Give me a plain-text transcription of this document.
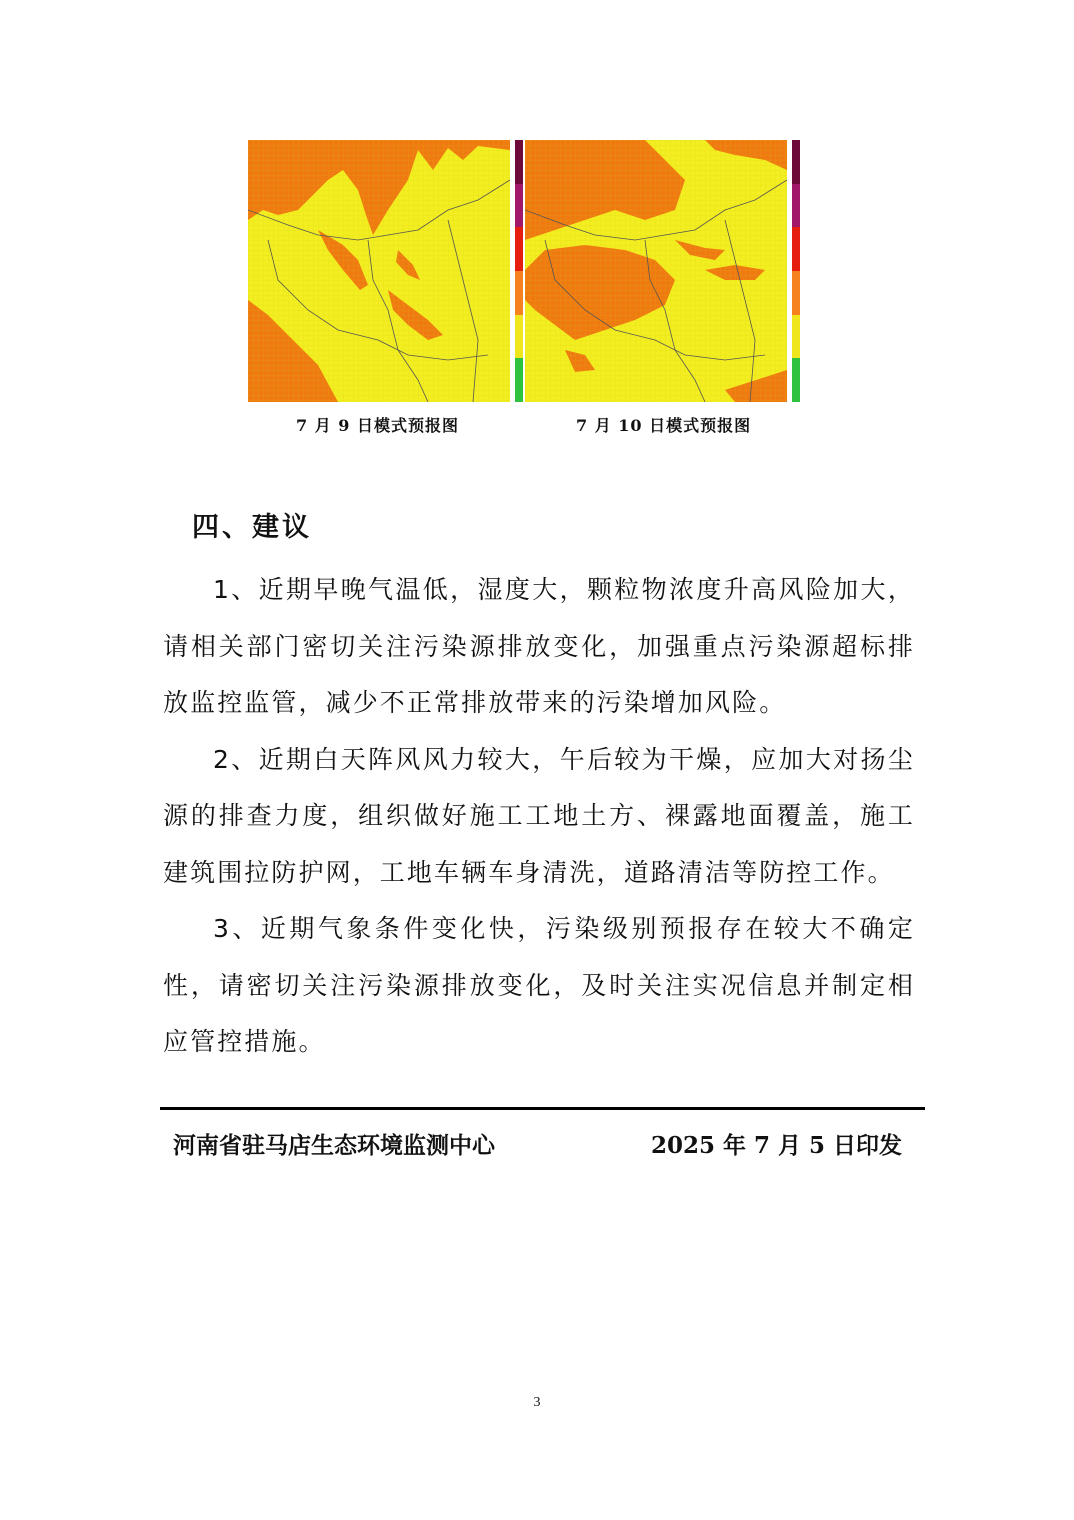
7 月 9 日模式预报图	7 月 10 日模式预报图
四、建议

1、近期早晚气温低，湿度大，颗粒物浓度升高风险加大，请相关部门密切关注污染源排放变化，加强重点污染源超标排放监控监管，减少不正常排放带来的污染增加风险。

2、近期白天阵风风力较大，午后较为干燥，应加大对扬尘源的排查力度，组织做好施工工地土方、裸露地面覆盖，施工建筑围拉防护网，工地车辆车身清洗，道路清洁等防控工作。

3、近期气象条件变化快，污染级别预报存在较大不确定性，请密切关注污染源排放变化，及时关注实况信息并制定相应管控措施。

河南省驻马店生态环境监测中心	2025 年 7 月 5 日印发
3
